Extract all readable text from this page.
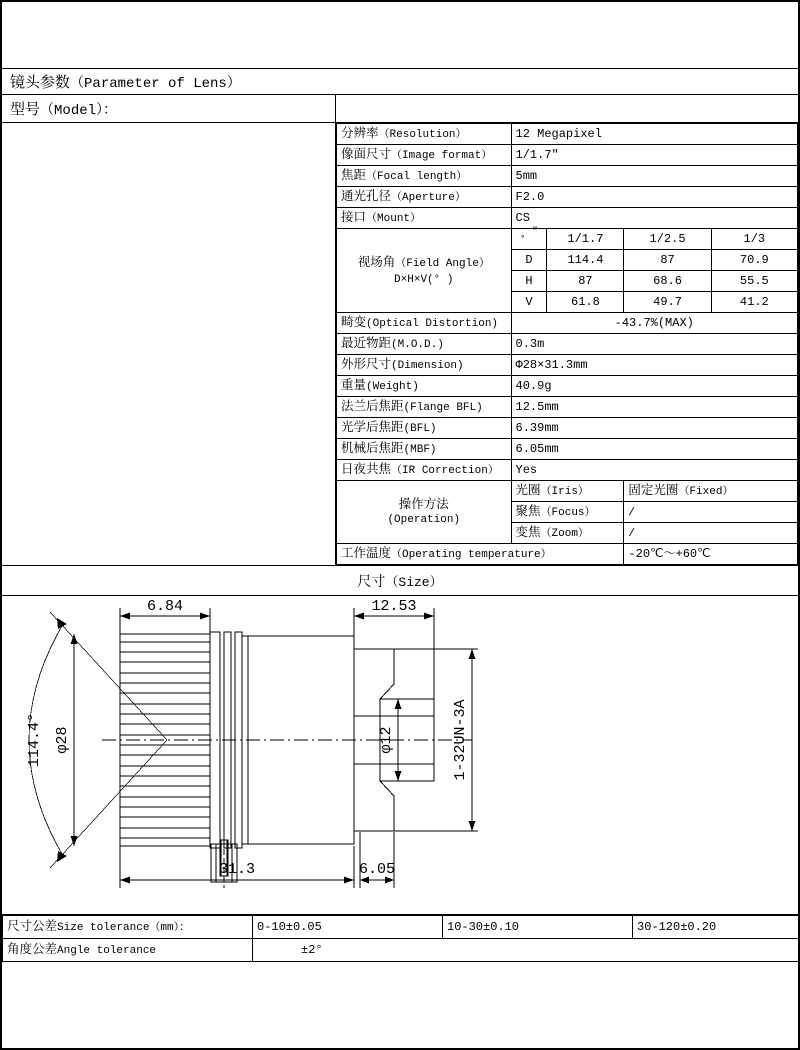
镜头参数（Parameter of Lens）
型号（Model）：
分辨率（Resolution）	12 Megapixel			
像面尺寸（Image format）	1/1.7″			
焦距（Focal length）	5mm			
通光孔径（Aperture）	F2.0			
接口（Mount）	CS			

视场角（Field Angle）
D×H×V(° )

″
°	1/1.7	1/2.5	1/3
	D	114.4	87	70.9
	H	87	68.6	55.5
	V	61.8	49.7	41.2
畸变(Optical Distortion)	-43.7%(MAX)			
最近物距(M.O.D.)	0.3m			
外形尺寸(Dimension)	Φ28×31.3mm			
重量(Weight)	40.9g			
法兰后焦距(Flange BFL)	12.5mm			
光学后焦距(BFL)	6.39mm			
机械后焦距(MBF)	6.05mm			
日夜共焦（IR Correction）	Yes			

操作方法
(Operation)	光圈（Iris）		固定光圈（Fixed）	
	聚焦（Focus）		/	
	变焦（Zoom）		/	
工作温度（Operating temperature）			-20℃～+60℃	
尺寸（Size）
6.84	12.53
31.3	6.05
114.4° φ28	φ12	1-32UN-3A
尺寸公差Size tolerance（mm）：	0-10±0.05	10-30±0.10	30-120±0.20
角度公差Angle tolerance	±2°		
